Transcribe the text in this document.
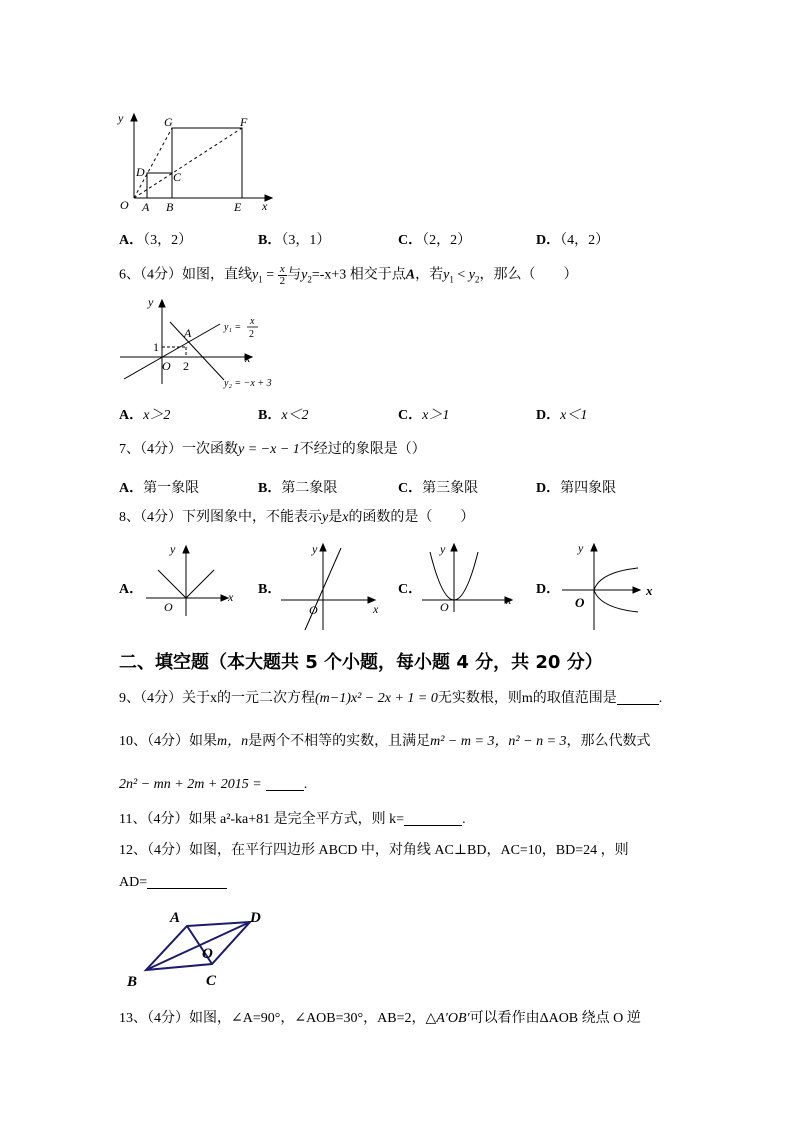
y
x
O A B
C
D
E
F
G
A．（3，2）	B．（3，1）	C．（2，2）	D．（4，2）
6、（4分）如图，直线$y_1 = \frac{x}{2}$ 与$y_2=-x+3$ 相交于点A，若$y_1 < y_2$，那么（　　）
y
x
O
A
1
2
y₁ =
x
2
y₂ = −x + 3
A．x＞2	B．x＜2	C．x＞1	D．x＜1
7、（4分）一次函数y = −x − 1不经过的象限是（）
A．第一象限	B．第二象限	C．第三象限	D．第四象限
8、（4分）下列图象中，不能表示y是x的函数的是（　　）
A．
y
x
O
B．
y
x
O
C．
y
x
O
D．
y
x
O
二、填空题（本大题共 5 个小题，每小题 4 分，共 20 分）
9、（4分）关于x的一元二次方程(m−1)x² − 2x + 1 = 0无实数根，则m的取值范围是	.
10、（4分）如果m，n是两个不相等的实数，且满足m² − m = 3，n² − n = 3，那么代数式
2n² − mn + 2m + 2015 =	.
11、（4分）如果 a²-ka+81 是完全平方式，则 k=	.
12、（4分）如图，在平行四边形 ABCD 中，对角线 AC⊥BD，AC=10，BD=24 ，则
AD=
A	D
B	C
O
13、（4分）如图，∠A=90°，∠AOB=30°，AB=2，△A′OB′可以看作由ΔAOB 绕点 O 逆
